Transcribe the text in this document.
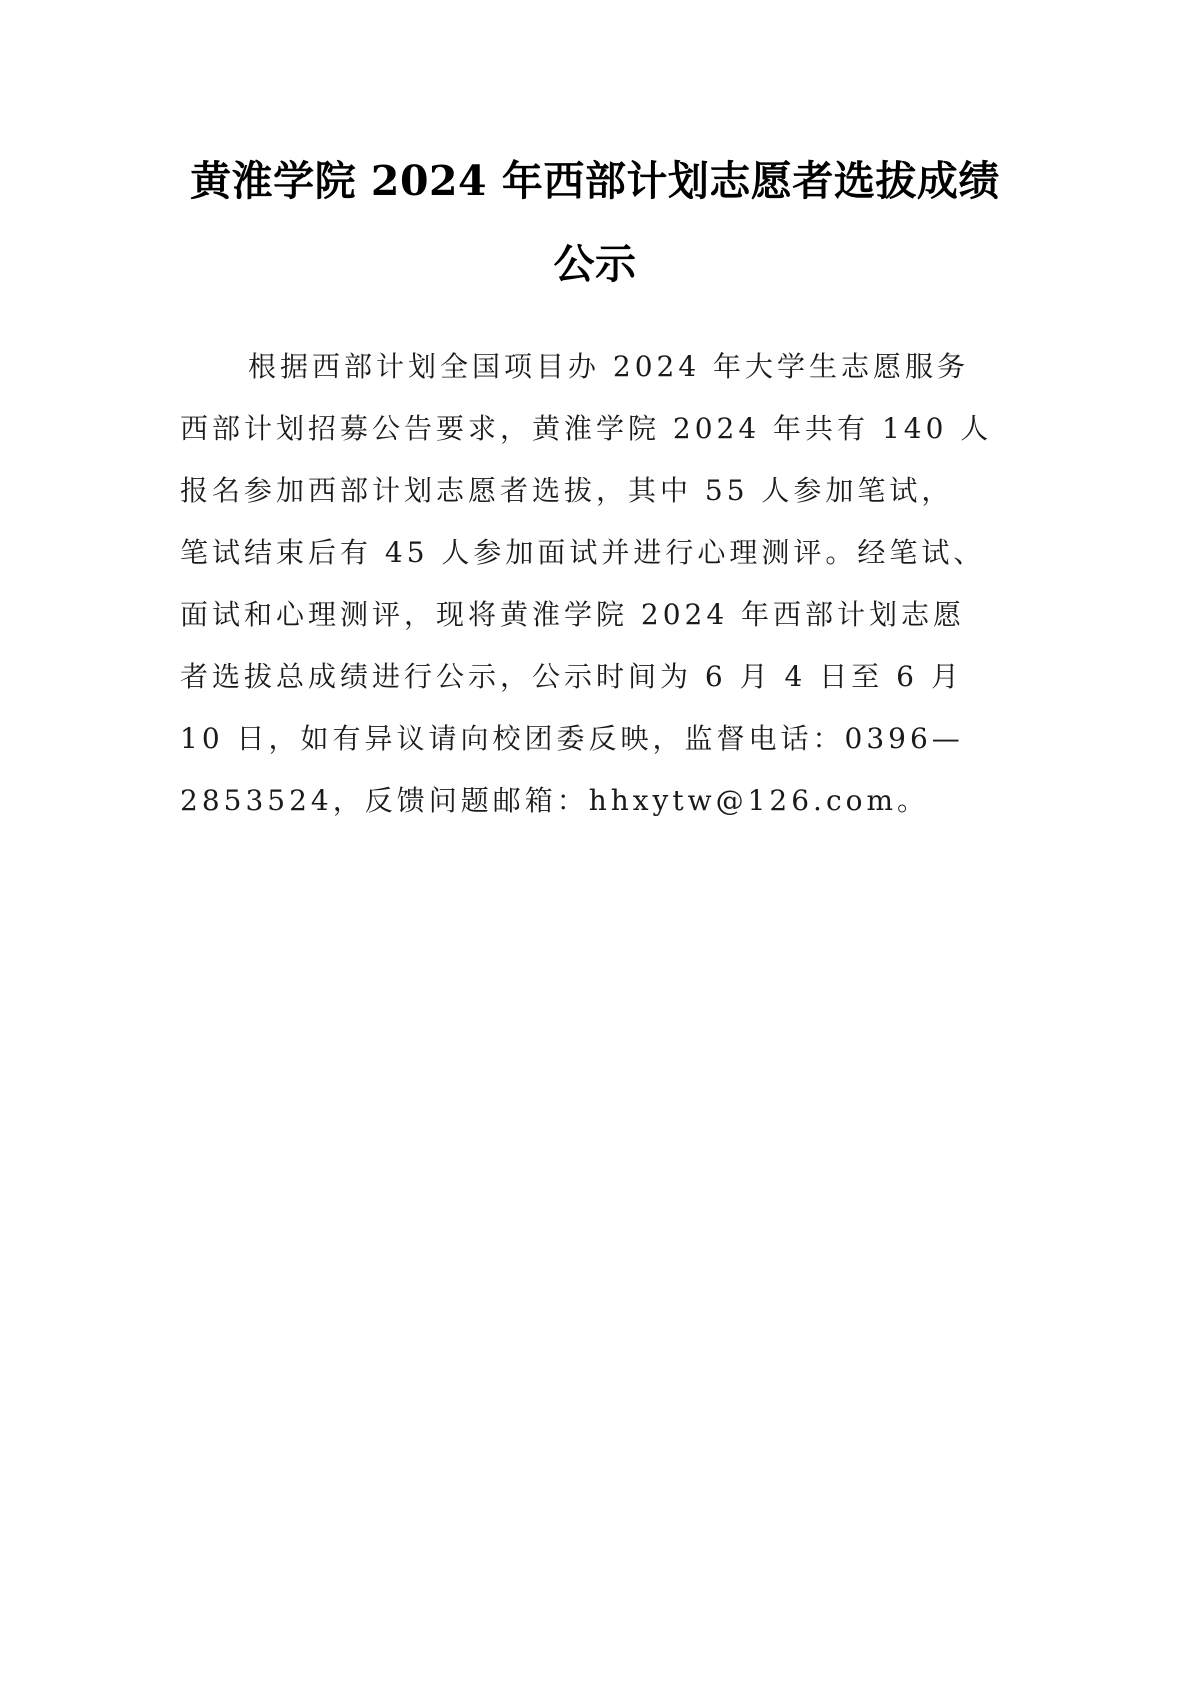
黄淮学院 2024 年西部计划志愿者选拔成绩
公示
根据西部计划全国项目办 2024 年大学生志愿服务
西部计划招募公告要求，黄淮学院 2024 年共有 140 人
报名参加西部计划志愿者选拔，其中 55 人参加笔试，
笔试结束后有 45 人参加面试并进行心理测评。经笔试、
面试和心理测评，现将黄淮学院 2024 年西部计划志愿
者选拔总成绩进行公示，公示时间为 6 月 4 日至 6 月
10 日，如有异议请向校团委反映，监督电话：0396—
2853524，反馈问题邮箱：hhxytw@126.com。
